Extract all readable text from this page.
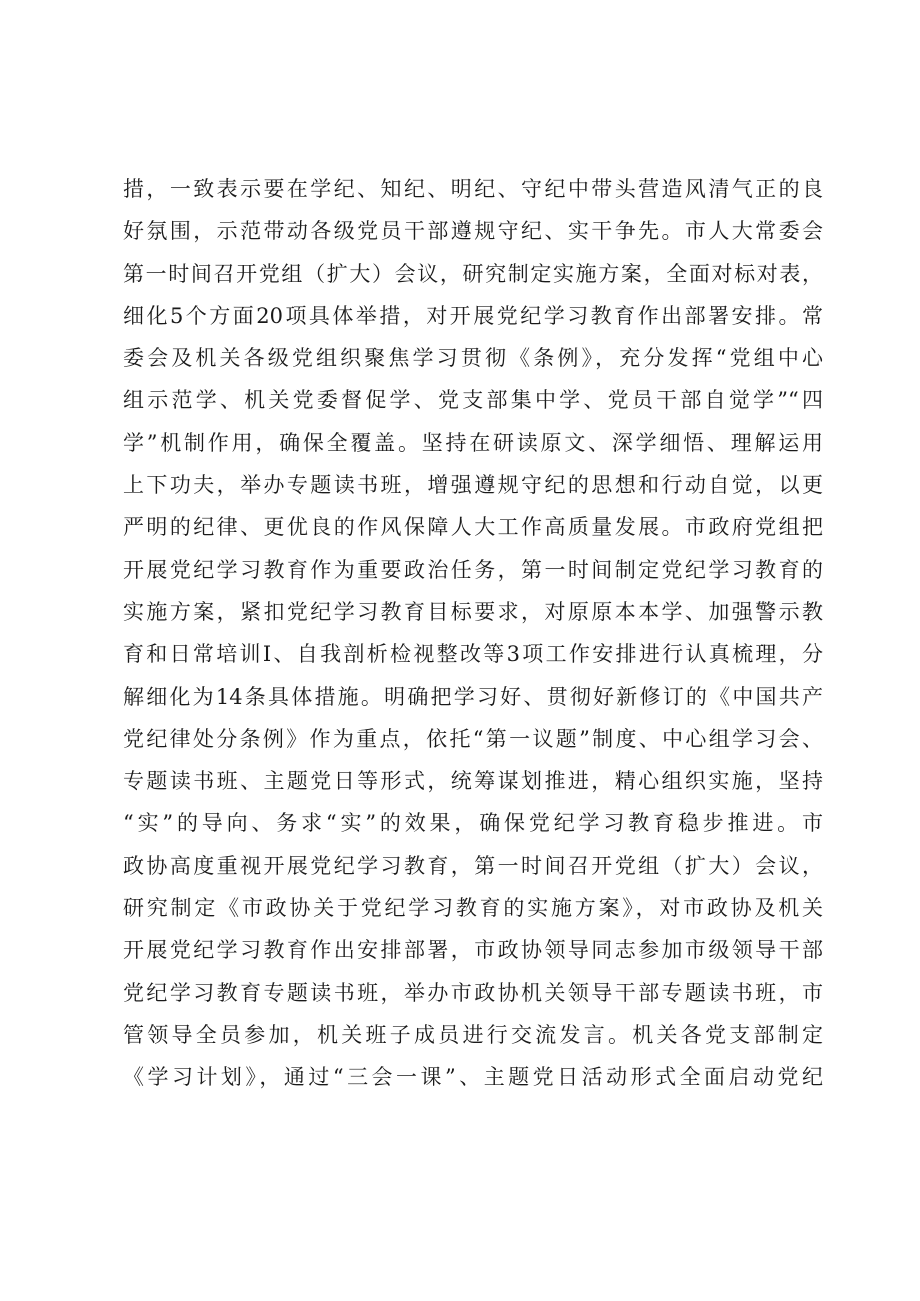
措，一致表示要在学纪、知纪、明纪、守纪中带头营造风清气正的良
好氛围，示范带动各级党员干部遵规守纪、实干争先。市人大常委会
第一时间召开党组（扩大）会议，研究制定实施方案，全面对标对表，
细化5个方面20项具体举措，对开展党纪学习教育作出部署安排。常
委会及机关各级党组织聚焦学习贯彻《条例》，充分发挥“党组中心
组示范学、机关党委督促学、党支部集中学、党员干部自觉学”“四
学”机制作用，确保全覆盖。坚持在研读原文、深学细悟、理解运用
上下功夫，举办专题读书班，增强遵规守纪的思想和行动自觉，以更
严明的纪律、更优良的作风保障人大工作高质量发展。市政府党组把
开展党纪学习教育作为重要政治任务，第一时间制定党纪学习教育的
实施方案，紧扣党纪学习教育目标要求，对原原本本学、加强警示教
育和日常培训I、自我剖析检视整改等3项工作安排进行认真梳理，分
解细化为14条具体措施。明确把学习好、贯彻好新修订的《中国共产
党纪律处分条例》作为重点，依托“第一议题”制度、中心组学习会、
专题读书班、主题党日等形式，统筹谋划推进，精心组织实施，坚持
“实”的导向、务求“实”的效果，确保党纪学习教育稳步推进。市
政协高度重视开展党纪学习教育，第一时间召开党组（扩大）会议，
研究制定《市政协关于党纪学习教育的实施方案》，对市政协及机关
开展党纪学习教育作出安排部署，市政协领导同志参加市级领导干部
党纪学习教育专题读书班，举办市政协机关领导干部专题读书班，市
管领导全员参加，机关班子成员进行交流发言。机关各党支部制定
《学习计划》，通过“三会一课”、主题党日活动形式全面启动党纪
